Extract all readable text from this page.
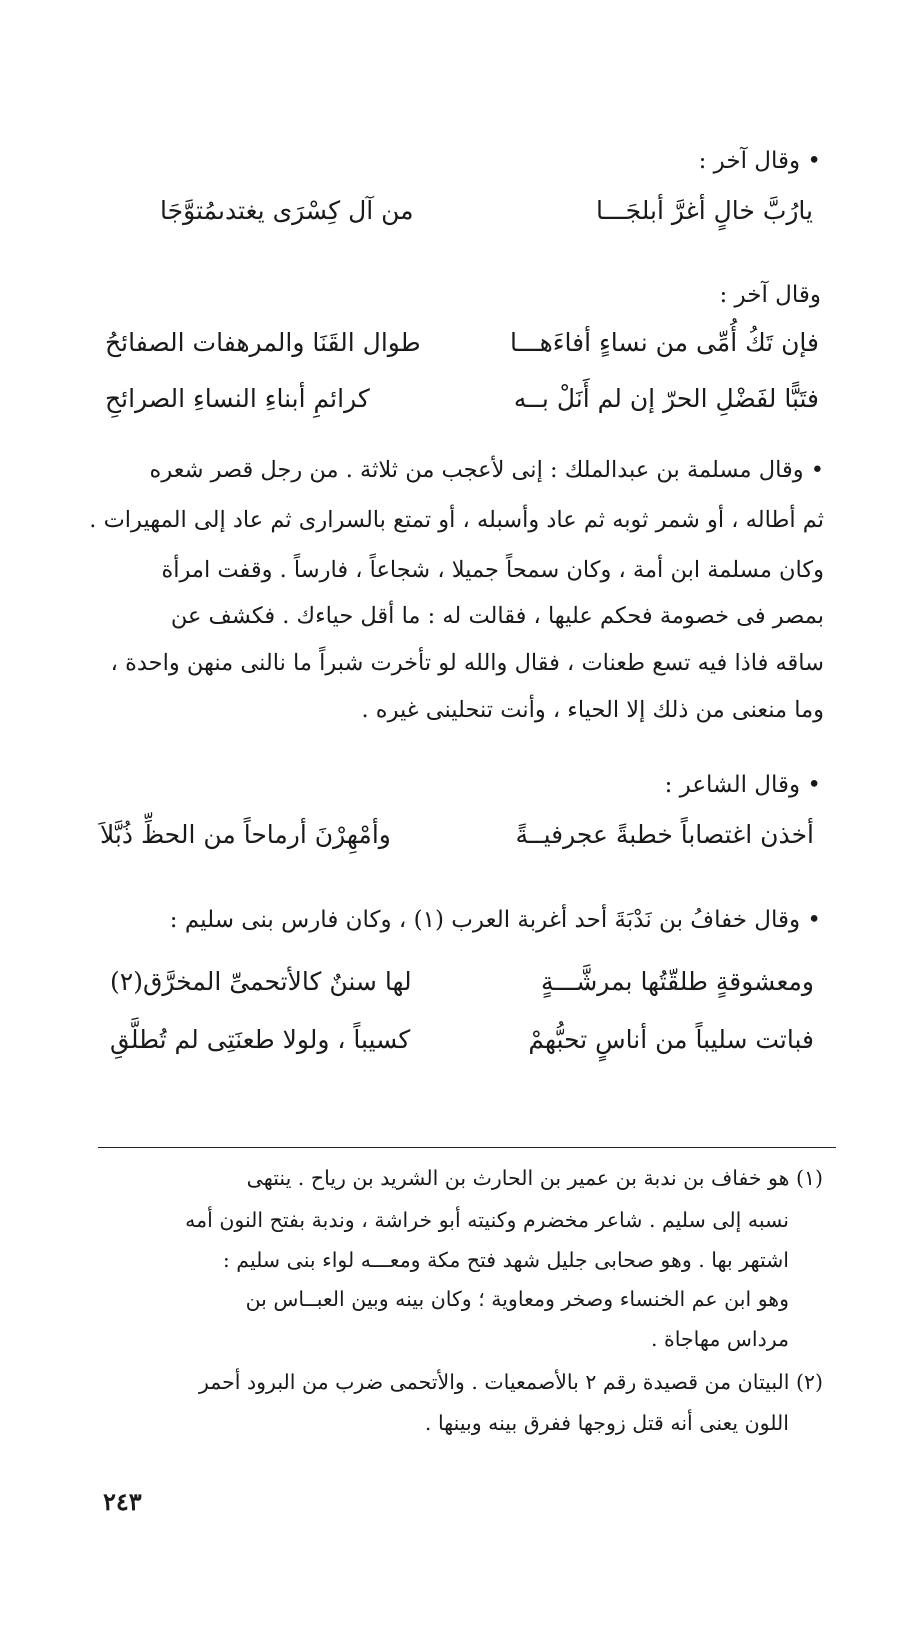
• وقال آخر :
يارُبَّ خالٍ أغرَّ أبلجَـــا
من آل كِسْرَى يغتدىمُتوَّجَا
وقال آخر :
فإن تَكُ أُمِّى من نساءٍ أفاءَهـــا
طوال القَنَا والمرهفات الصفائحُ
فتَبًّا لفَضْلِ الحرّ إن لم أَنَلْ بــه
كرائمِ أبناءِ النساءِ الصرائحِ
• وقال مسلمة بن عبدالملك : إنى لأعجب من ثلاثة . من رجل قصر شعره
ثم أطاله ، أو شمر ثوبه ثم عاد وأسبله ، أو تمتع بالسرارى ثم عاد إلى المهيرات .
وكان مسلمة ابن أمة ، وكان سمحاً جميلا ، شجاعاً ، فارساً . وقفت امرأة
بمصر فى خصومة فحكم عليها ، فقالت له : ما أقل حياءك . فكشف عن
ساقه فاذا فيه تسع طعنات ، فقال والله لو تأخرت شبراً ما نالنى منهن واحدة ،
وما منعنى من ذلك إلا الحياء ، وأنت تنحلينى غيره .
• وقال الشاعر :
أخذن اغتصاباً خطبةً عجرفيــةً
وأمْهِرْنَ أرماحاً من الحظِّ ذُبَّلاَ
• وقال خفافُ بن نَدْبَةَ أحد أغربة العرب (١) ، وكان فارس بنى سليم :
ومعشوقةٍ طلقّتُها بمرشَّـــةٍ
لها سننٌ كالأتحمىِّ المخرَّق(٢)
فباتت سليباً من أناسٍ تحبُّهمْ
كسيباً ، ولولا طعنَتِى لم تُطلَّقِ
(١) هو خفاف بن ندبة بن عمير بن الحارث بن الشريد بن رياح . ينتهى
نسبه إلى سليم . شاعر مخضرم وكنيته أبو خراشة ، وندبة بفتح النون أمه
اشتهر بها . وهو صحابى جليل شهد فتح مكة ومعـــه لواء بنى سليم :
وهو ابن عم الخنساء وصخر ومعاوية ؛ وكان بينه وبين العبــاس بن
مرداس مهاجاة .
(٢) البيتان من قصيدة رقم ٢ بالأصمعيات . والأتحمى ضرب من البرود أحمر
اللون يعنى أنه قتل زوجها ففرق بينه وبينها .
٢٤٣
